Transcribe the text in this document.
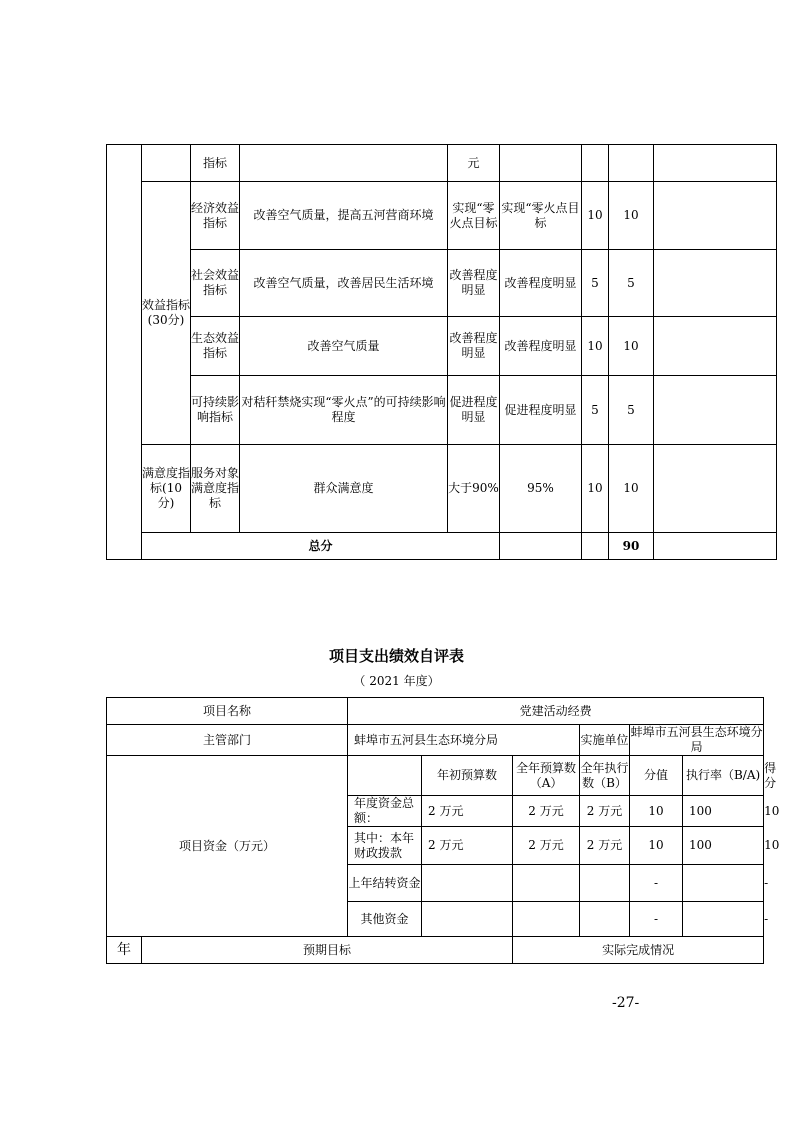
		指标		元					
	效益指标(30分)	经济效益指标	改善空气质量，提高五河营商环境	实现“零火点目标	实现“零火点目标	10	10		
		社会效益指标	改善空气质量，改善居民生活环境	改善程度明显	改善程度明显	5	5		
		生态效益指标	改善空气质量	改善程度明显	改善程度明显	10	10		
		可持续影响指标	对秸秆禁烧实现“零火点”的可持续影响程度	促进程度明显	促进程度明显	5	5		
	满意度指标(10分)	服务对象满意度指标	群众满意度	大于90%	95%	10	10		
	总分						90		
项目支出绩效自评表
（ 2021 年度）
项目名称		党建活动经费						
主管部门		蚌埠市五河县生态环境分局			实施单位	蚌埠市五河县生态环境分局		
项目资金（万元）			年初预算数	全年预算数（A）	全年执行数（B）	分值	执行率（B/A)	得分
		年度资金总额：	2 万元	2 万元	2 万元	10	100	10
		其中：本年财政拨款	2 万元	2 万元	2 万元	10	100	10
		上年结转资金				-		-
		其他资金				-		-
年	预期目标			实际完成情况				
-27-
